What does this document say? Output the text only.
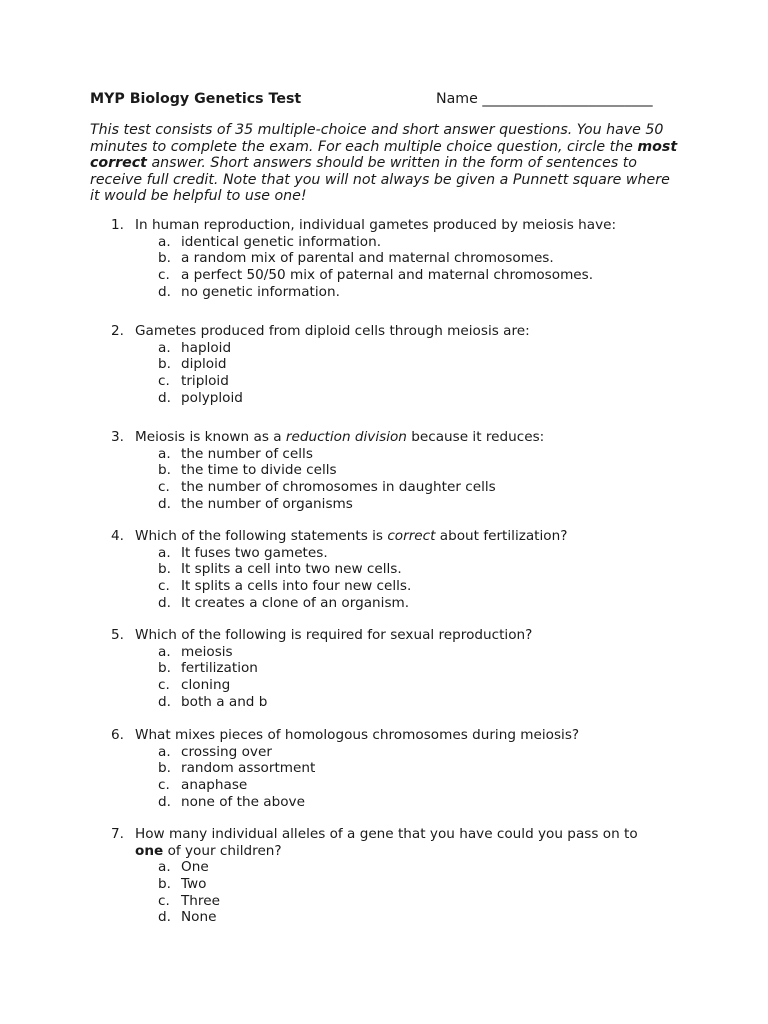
MYP Biology Genetics Test	Name ________________________
This test consists of 35 multiple-choice and short answer questions. You have 50 minutes to complete the exam. For each multiple choice question, circle the most correct answer. Short answers should be written in the form of sentences to receive full credit. Note that you will not always be given a Punnett square where it would be helpful to use one!
1. In human reproduction, individual gametes produced by meiosis have:
a. identical genetic information.
b. a random mix of parental and maternal chromosomes.
c. a perfect 50/50 mix of paternal and maternal chromosomes.
d. no genetic information.
2. Gametes produced from diploid cells through meiosis are:
a. haploid
b. diploid
c. triploid
d. polyploid
3. Meiosis is known as a reduction division because it reduces:
a. the number of cells
b. the time to divide cells
c. the number of chromosomes in daughter cells
d. the number of organisms
4. Which of the following statements is correct about fertilization?
a. It fuses two gametes.
b. It splits a cell into two new cells.
c. It splits a cells into four new cells.
d. It creates a clone of an organism.
5. Which of the following is required for sexual reproduction?
a. meiosis
b. fertilization
c. cloning
d. both a and b
6. What mixes pieces of homologous chromosomes during meiosis?
a. crossing over
b. random assortment
c. anaphase
d. none of the above
7. How many individual alleles of a gene that you have could you pass on to
one of your children?
a. One
b. Two
c. Three
d. None
